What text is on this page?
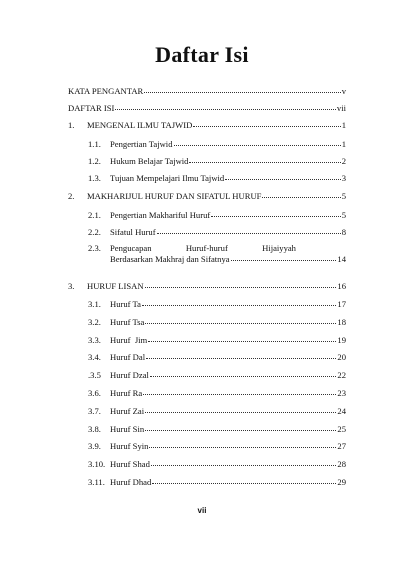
Daftar Isi
KATA PENGANTAR	v
DAFTAR ISI	vii
1.	MENGENAL ILMU TAJWID	1
1.1.	Pengertian Tajwid	1
1.2.	Hukum Belajar Tajwid	2
1.3.	Tujuan Mempelajari Ilmu Tajwid	3
2.	MAKHARIJUL HURUF DAN SIFATUL HURUF	5
2.1.	Pengertian Makhariful Huruf	5
2.2.	Sifatul Huruf	8
2.3. Pengucapan	Huruf-huruf	Hijaiyyah
Berdasarkan Makhraj dan Sifatnya	14
3.	HURUF LISAN	16
3.1.	Huruf Ta	17
3.2.	Huruf Tsa	18
3.3.	Huruf  Jim	19
3.4.	Huruf Dal	20
.3.5	Huruf Dzal	22
3.6.	Huruf Ra	23
3.7.	Huruf Zai	24
3.8.	Huruf Sin	25
3.9.	Huruf Syin	27
3.10. Huruf Shad	28
3.11. Huruf Dhad	29
vii
